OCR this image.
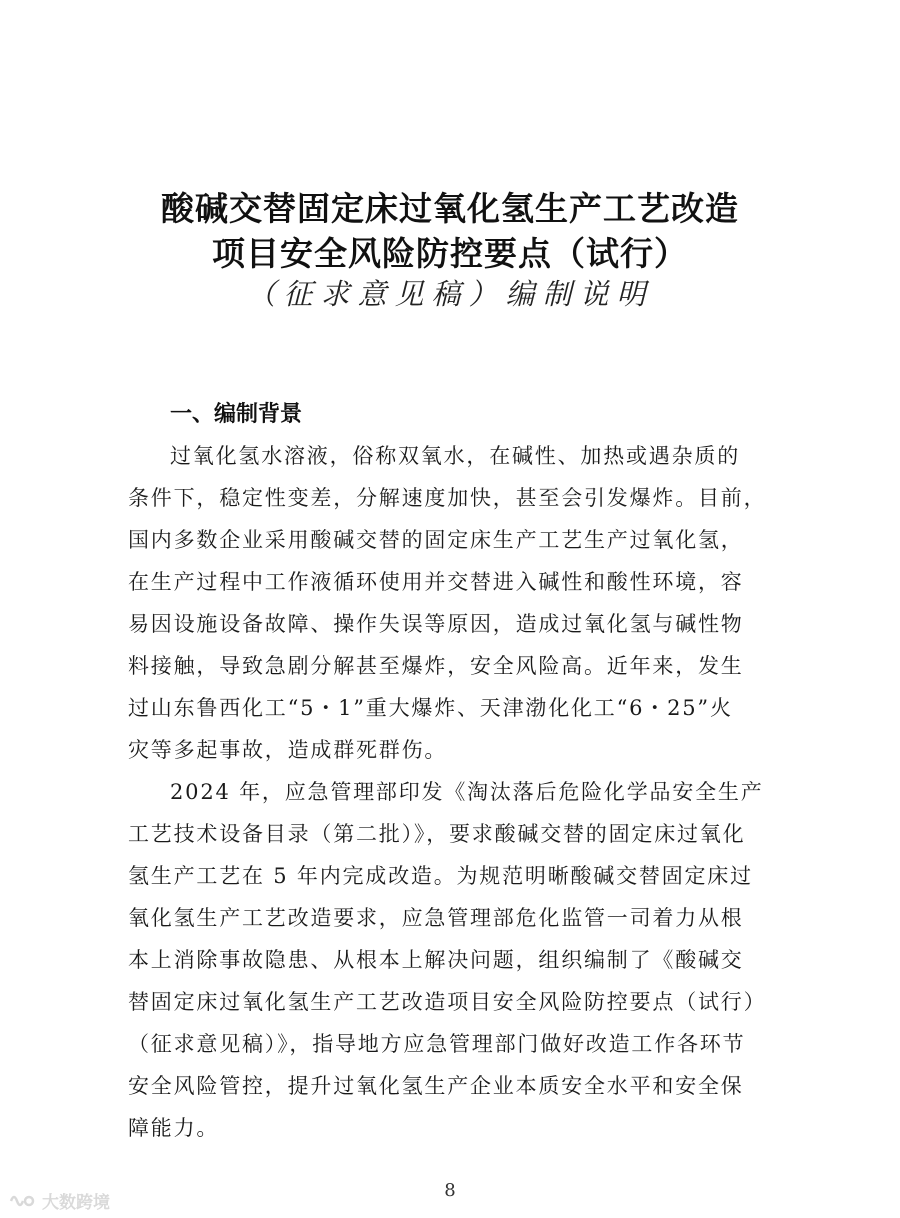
酸碱交替固定床过氧化氢生产工艺改造
项目安全风险防控要点（试行）
（征求意见稿）编制说明
一、编制背景
过氧化氢水溶液，俗称双氧水，在碱性、加热或遇杂质的
条件下，稳定性变差，分解速度加快，甚至会引发爆炸。目前，
国内多数企业采用酸碱交替的固定床生产工艺生产过氧化氢，
在生产过程中工作液循环使用并交替进入碱性和酸性环境，容
易因设施设备故障、操作失误等原因，造成过氧化氢与碱性物
料接触，导致急剧分解甚至爆炸，安全风险高。近年来，发生
过山东鲁西化工“5・1”重大爆炸、天津渤化化工“6・25”火
灾等多起事故，造成群死群伤。
2024 年，应急管理部印发《淘汰落后危险化学品安全生产
工艺技术设备目录（第二批）》，要求酸碱交替的固定床过氧化
氢生产工艺在 5 年内完成改造。为规范明晰酸碱交替固定床过
氧化氢生产工艺改造要求，应急管理部危化监管一司着力从根
本上消除事故隐患、从根本上解决问题，组织编制了《酸碱交
替固定床过氧化氢生产工艺改造项目安全风险防控要点（试行）
（征求意见稿）》，指导地方应急管理部门做好改造工作各环节
安全风险管控，提升过氧化氢生产企业本质安全水平和安全保
障能力。
8
大数跨境
